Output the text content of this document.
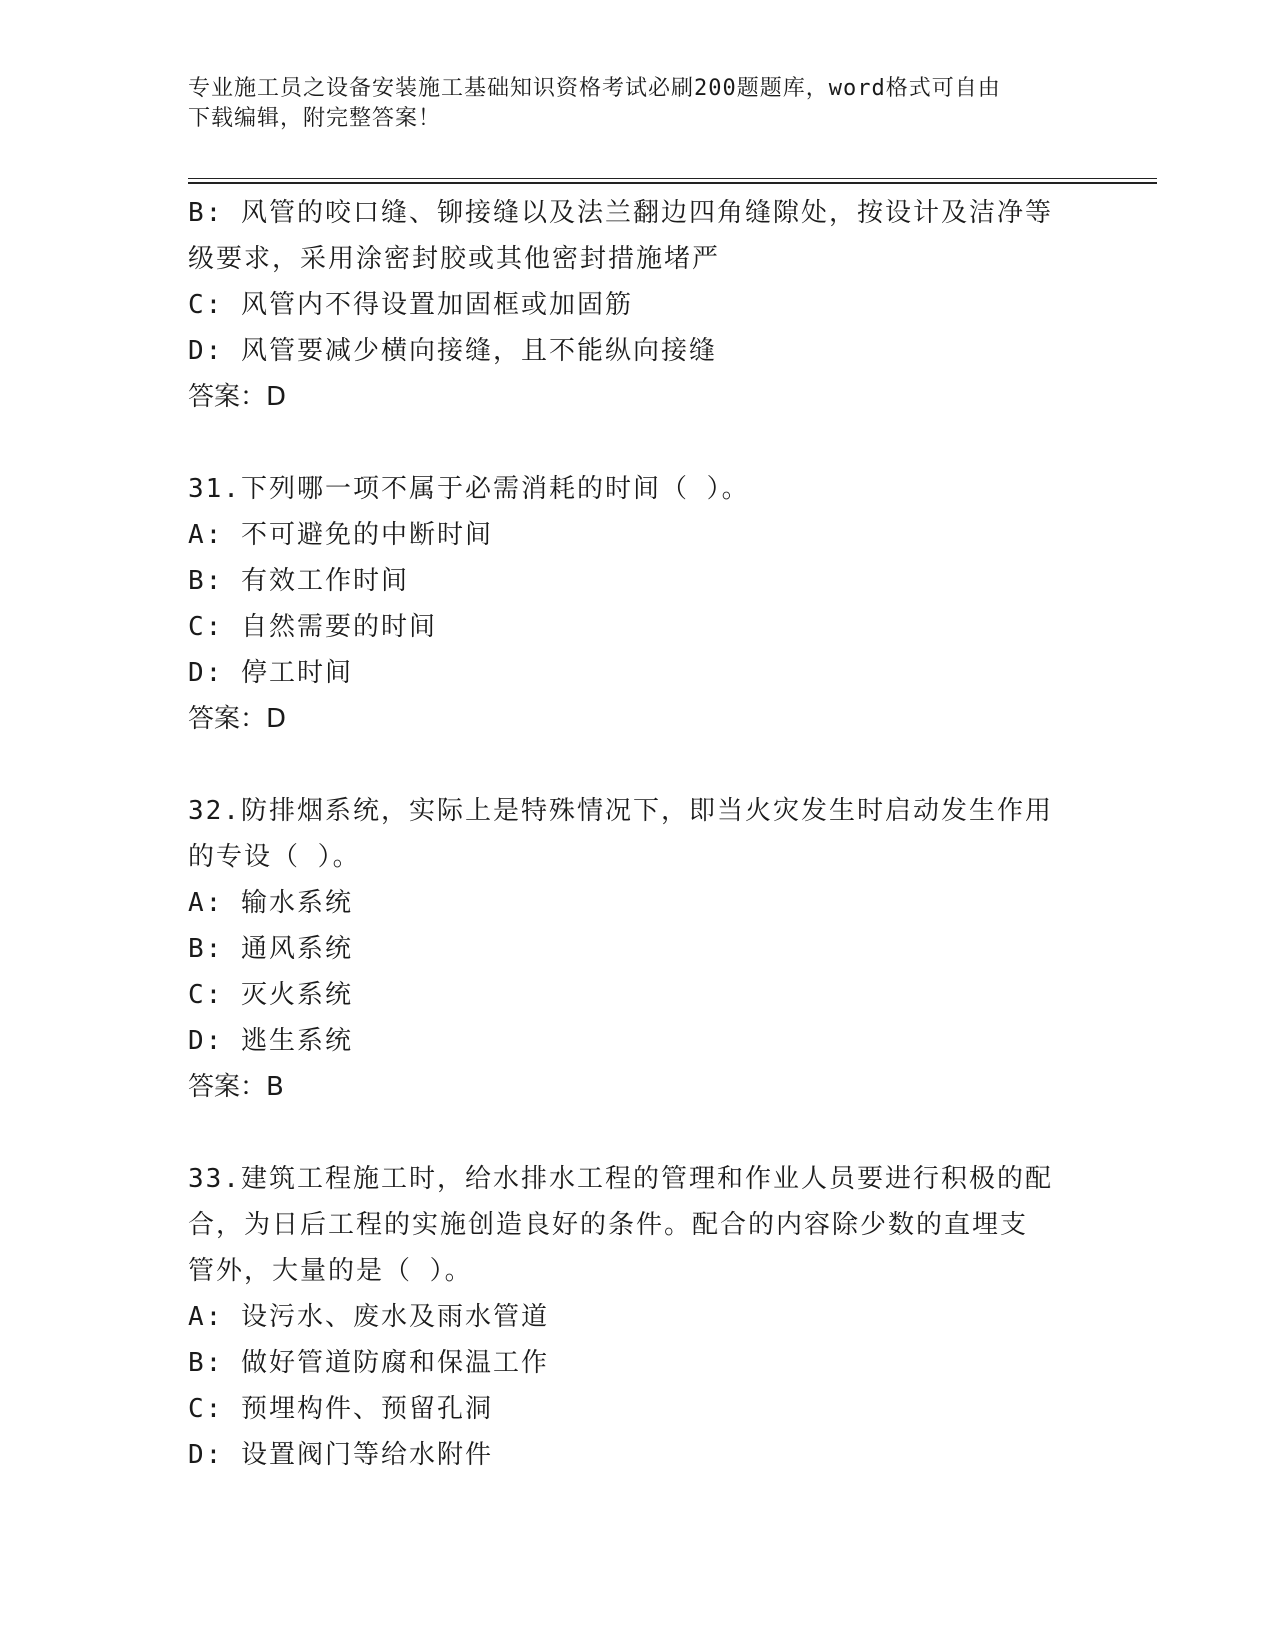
专业施工员之设备安装施工基础知识资格考试必刷200题题库，word格式可自由
下载编辑，附完整答案！
B: 风管的咬口缝、铆接缝以及法兰翻边四角缝隙处，按设计及洁净等
级要求，采用涂密封胶或其他密封措施堵严
C: 风管内不得设置加固框或加固筋
D: 风管要减少横向接缝，且不能纵向接缝
答案：D
31.下列哪一项不属于必需消耗的时间（ ）。
A: 不可避免的中断时间
B: 有效工作时间
C: 自然需要的时间
D: 停工时间
答案：D
32.防排烟系统，实际上是特殊情况下，即当火灾发生时启动发生作用
的专设（ ）。
A: 输水系统
B: 通风系统
C: 灭火系统
D: 逃生系统
答案：B
33.建筑工程施工时，给水排水工程的管理和作业人员要进行积极的配
合，为日后工程的实施创造良好的条件。配合的内容除少数的直埋支
管外，大量的是（ ）。
A: 设污水、废水及雨水管道
B: 做好管道防腐和保温工作
C: 预埋构件、预留孔洞
D: 设置阀门等给水附件
